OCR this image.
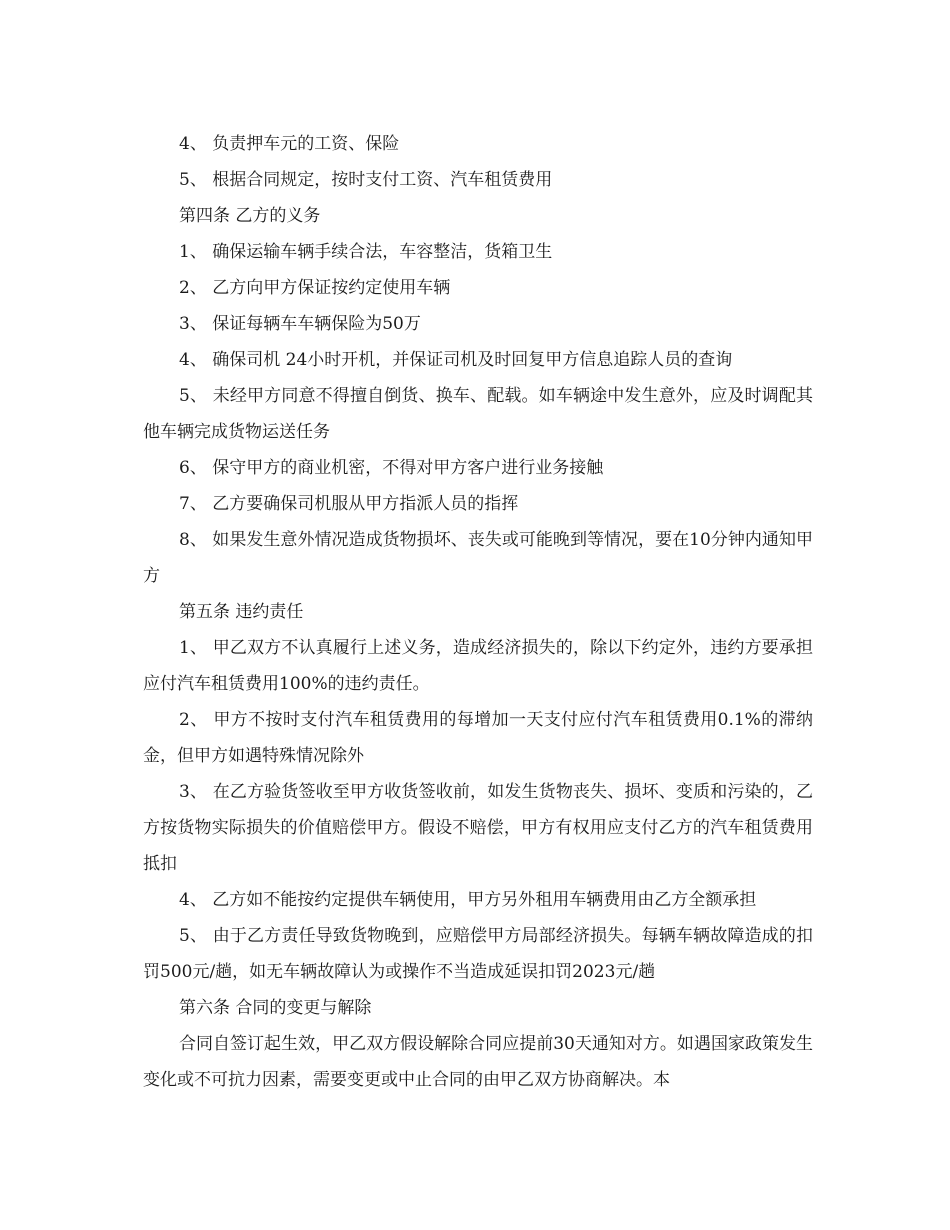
4、 负责押车元的工资、保险

5、 根据合同规定，按时支付工资、汽车租赁费用

第四条 乙方的义务

1、 确保运输车辆手续合法，车容整洁，货箱卫生

2、 乙方向甲方保证按约定使用车辆

3、 保证每辆车车辆保险为50万

4、 确保司机 24小时开机，并保证司机及时回复甲方信息追踪人员的查询

5、 未经甲方同意不得擅自倒货、换车、配载。如车辆途中发生意外，应及时调配其他车辆完成货物运送任务

6、 保守甲方的商业机密，不得对甲方客户进行业务接触

7、 乙方要确保司机服从甲方指派人员的指挥

8、 如果发生意外情况造成货物损坏、丧失或可能晚到等情况，要在10分钟内通知甲方

第五条 违约责任

1、 甲乙双方不认真履行上述义务，造成经济损失的，除以下约定外，违约方要承担应付汽车租赁费用100%的违约责任。

2、 甲方不按时支付汽车租赁费用的每增加一天支付应付汽车租赁费用0.1%的滞纳金，但甲方如遇特殊情况除外

3、 在乙方验货签收至甲方收货签收前，如发生货物丧失、损坏、变质和污染的，乙方按货物实际损失的价值赔偿甲方。假设不赔偿，甲方有权用应支付乙方的汽车租赁费用抵扣

4、 乙方如不能按约定提供车辆使用，甲方另外租用车辆费用由乙方全额承担

5、 由于乙方责任导致货物晚到，应赔偿甲方局部经济损失。每辆车辆故障造成的扣罚500元/趟，如无车辆故障认为或操作不当造成延误扣罚2023元/趟

第六条 合同的变更与解除

合同自签订起生效，甲乙双方假设解除合同应提前30天通知对方。如遇国家政策发生变化或不可抗力因素，需要变更或中止合同的由甲乙双方协商解决。本
